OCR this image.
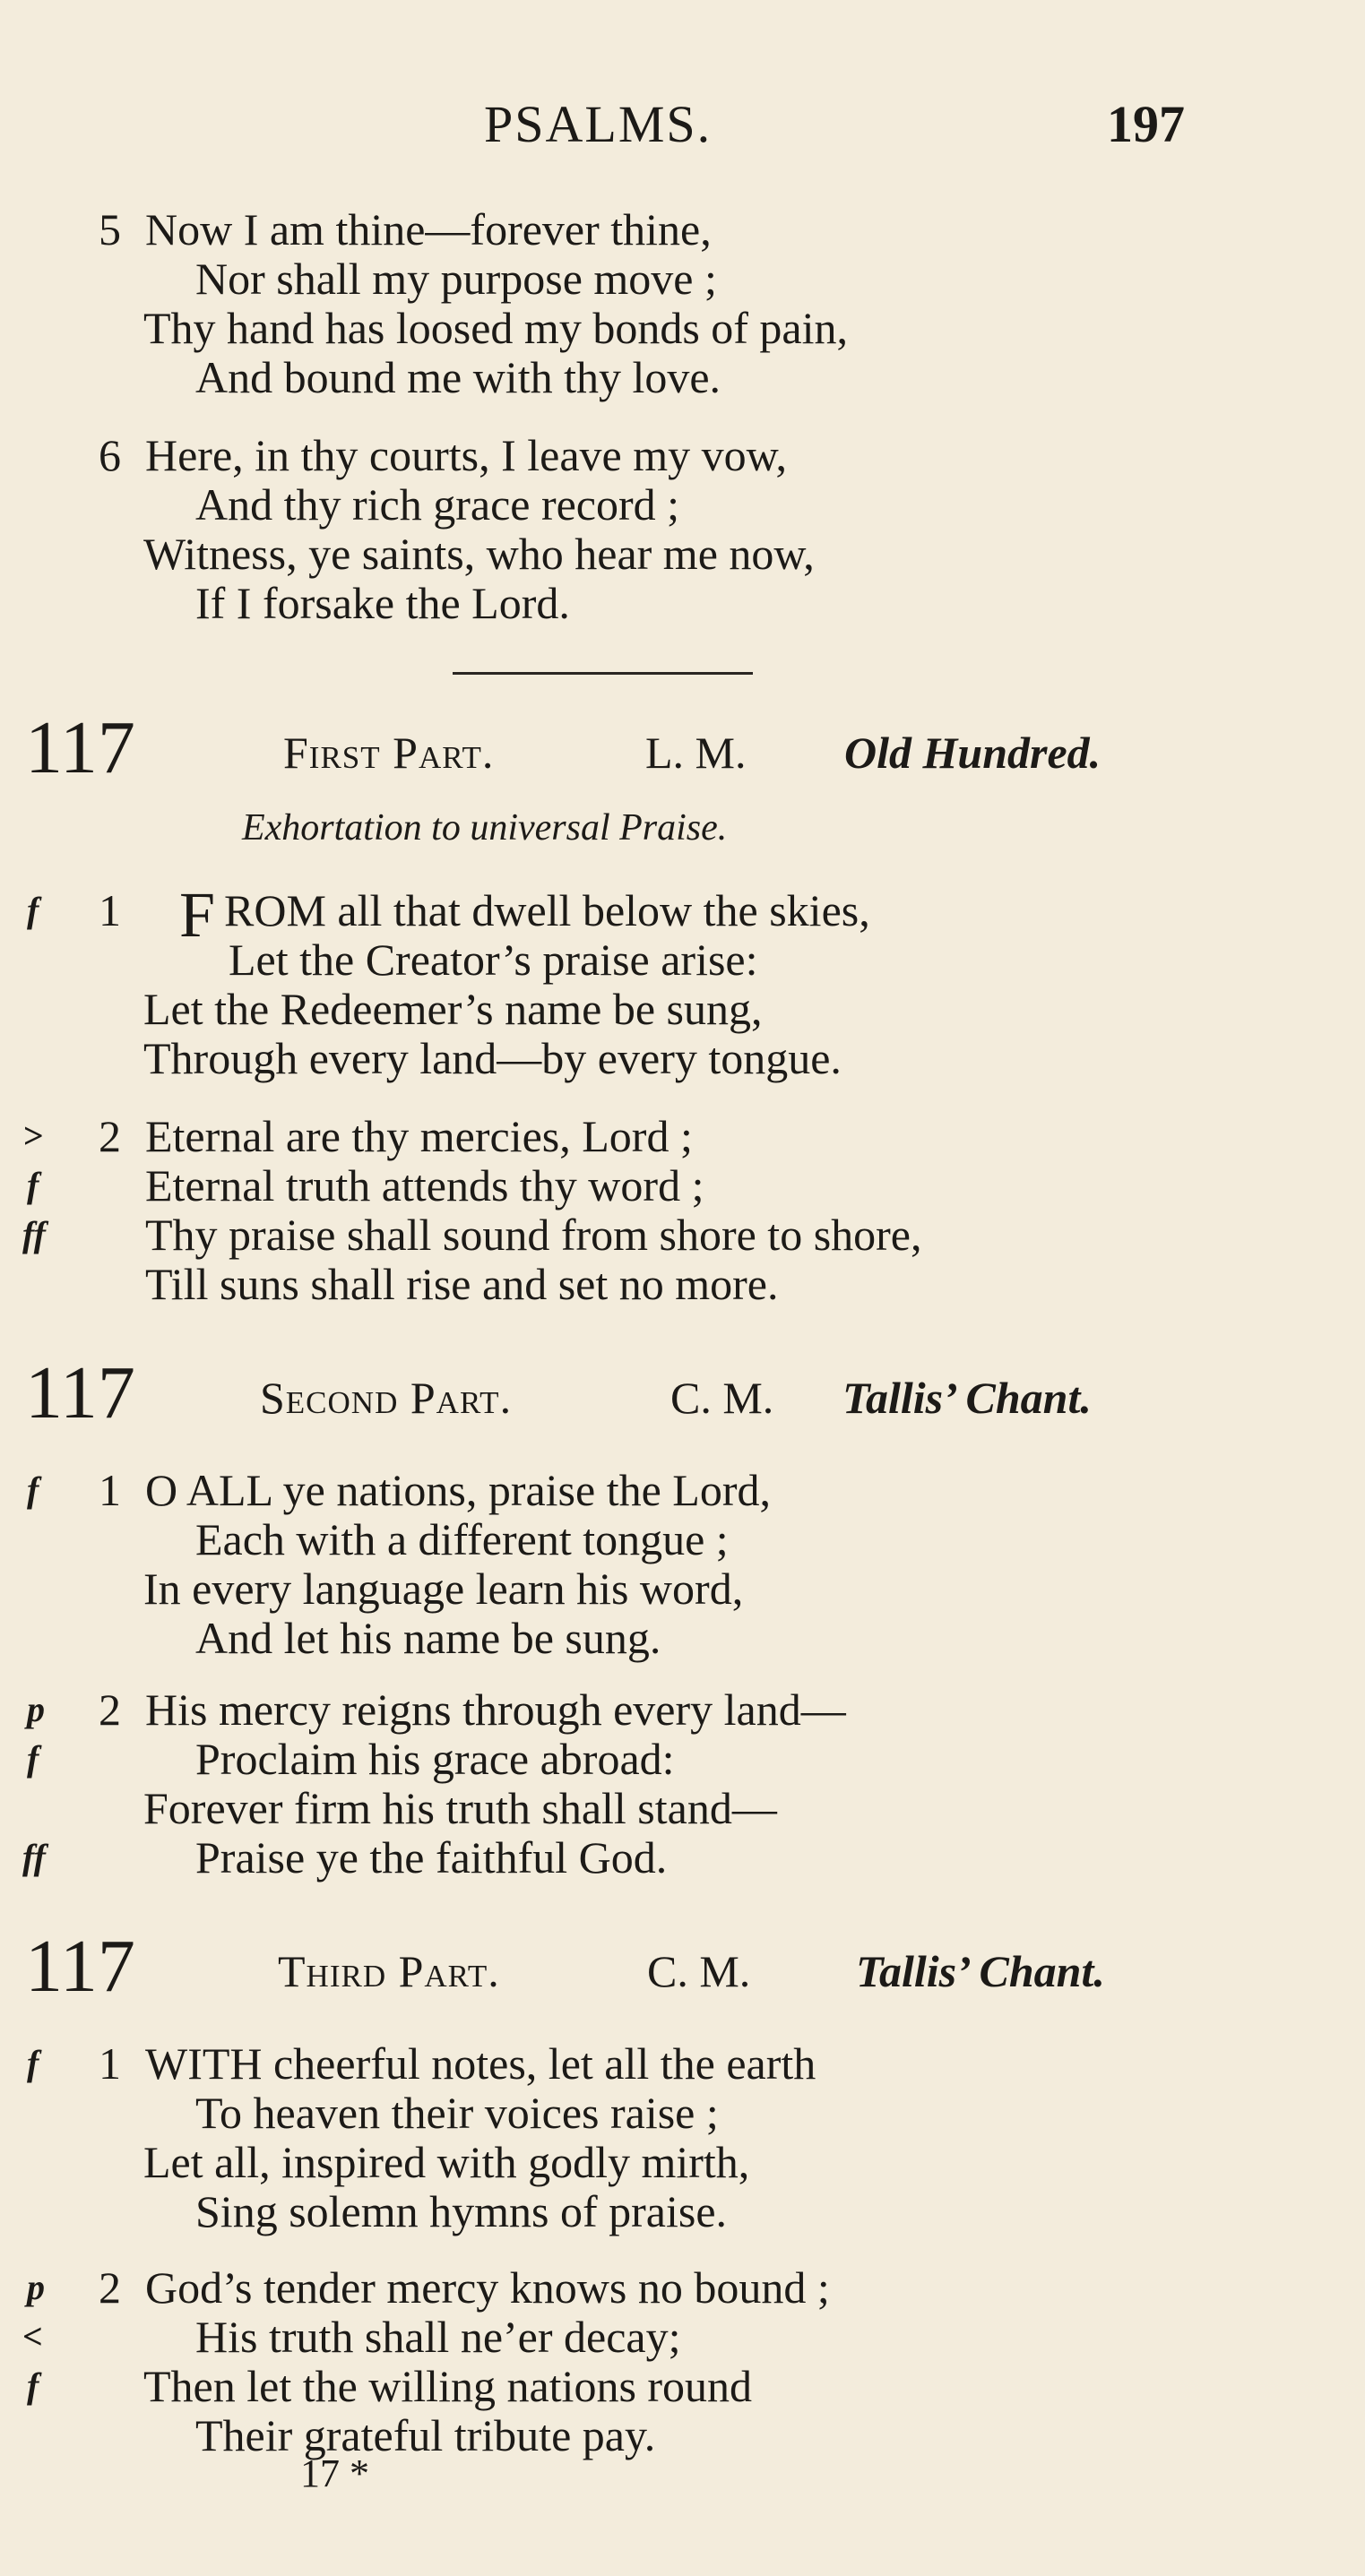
PSALMS.	197
5 Now I am thine—forever thine,
Nor shall my purpose move ;
Thy hand has loosed my bonds of pain,
And bound me with thy love.
6 Here, in thy courts, I leave my vow,
And thy rich grace record ;
Witness, ye saints, who hear me now,
If I forsake the Lord.
117	First Part.	L. M. Old Hundred.
Exhortation to universal Praise.
f 1 F ROM all that dwell below the skies,
Let the Creator’s praise arise:
Let the Redeemer’s name be sung,
Through every land—by every tongue.
> 2 Eternal are thy mercies, Lord ;
f Eternal truth attends thy word ;
ff Thy praise shall sound from shore to shore,
Till suns shall rise and set no more.
117	Second Part.	C. M. Tallis’ Chant.
f 1 O ALL ye nations, praise the Lord,
Each with a different tongue ;
In every language learn his word,
And let his name be sung.
p 2 His mercy reigns through every land—
f	Proclaim his grace abroad:
Forever firm his truth shall stand—
ff	Praise ye the faithful God.
117	Third Part.	C. M. Tallis’ Chant.
f 1 WITH cheerful notes, let all the earth
To heaven their voices raise ;
Let all, inspired with godly mirth,
Sing solemn hymns of praise.
p 2 God’s tender mercy knows no bound ;
<	His truth shall ne’er decay;
f Then let the willing nations round
Their grateful tribute pay.
17 *
